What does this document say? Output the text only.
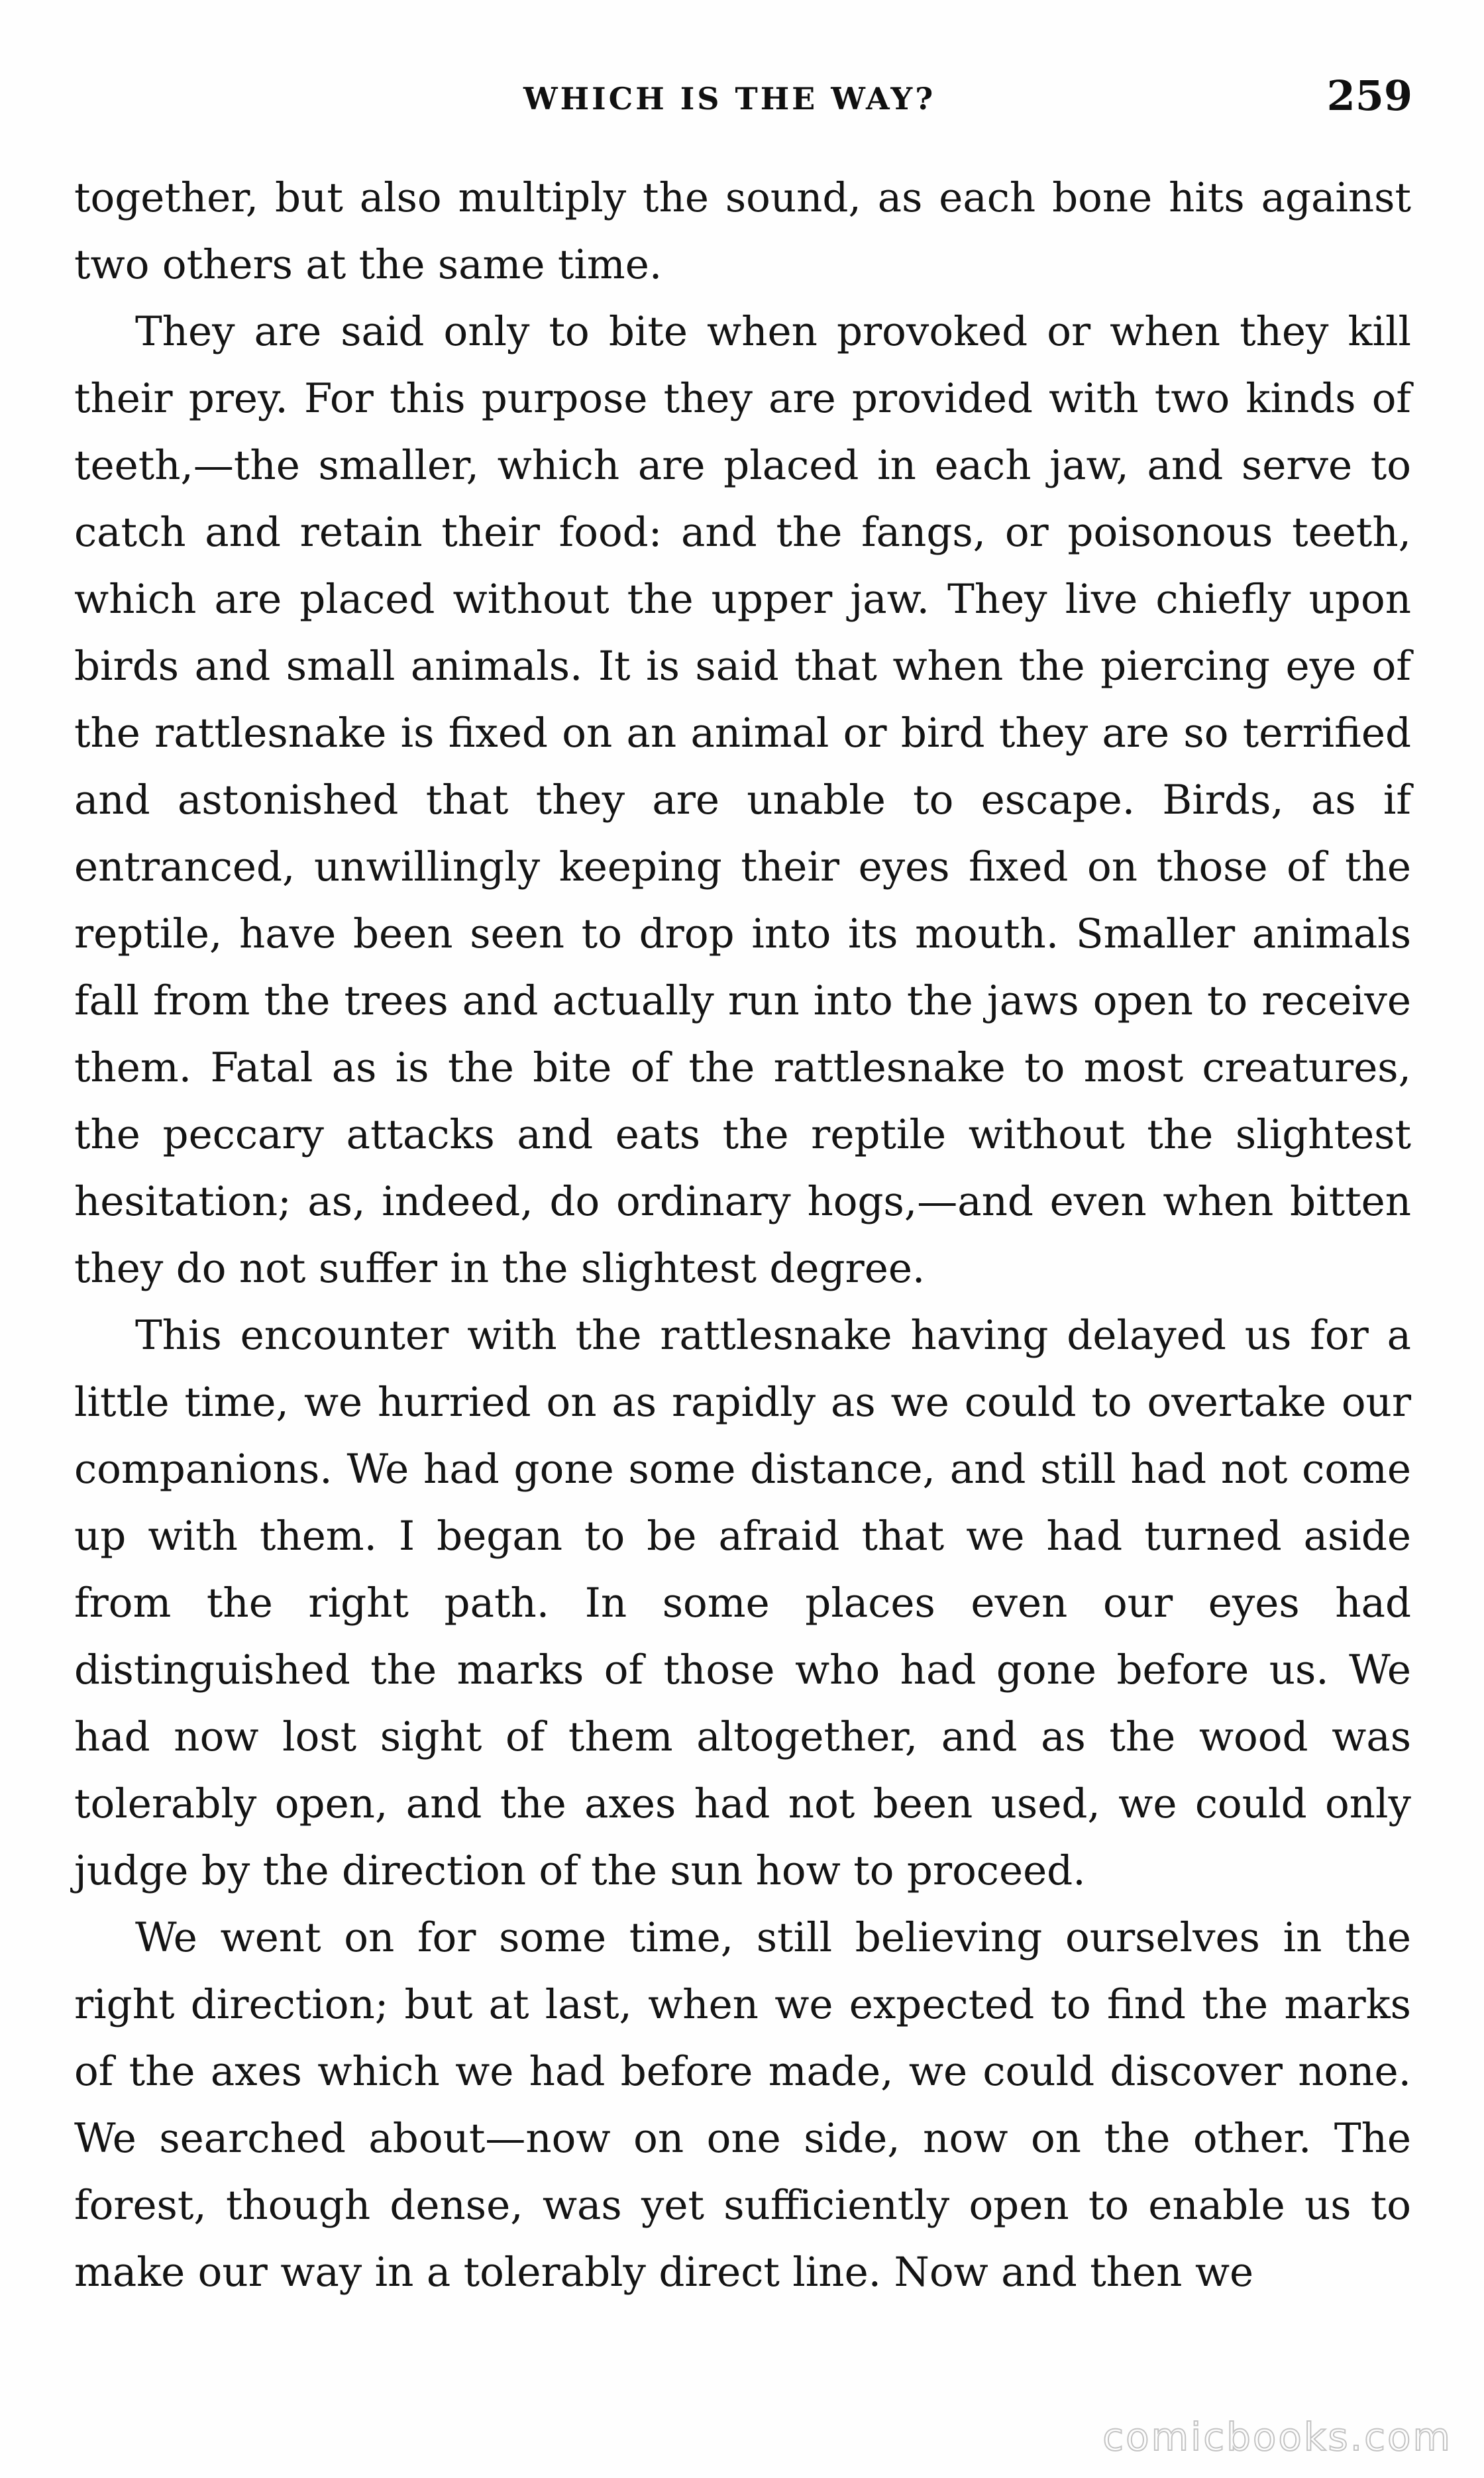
WHICH IS THE WAY?	259

together, but also multiply the sound, as each bone hits against two others at the same time.

They are said only to bite when provoked or when they kill their prey. For this purpose they are provided with two kinds of teeth,—the smaller, which are placed in each jaw, and serve to catch and retain their food: and the fangs, or poisonous teeth, which are placed without the upper jaw. They live chiefly upon birds and small animals. It is said that when the piercing eye of the rattlesnake is fixed on an animal or bird they are so terrified and astonished that they are unable to escape. Birds, as if entranced, unwillingly keeping their eyes fixed on those of the reptile, have been seen to drop into its mouth. Smaller animals fall from the trees and actually run into the jaws open to receive them. Fatal as is the bite of the rattlesnake to most creatures, the peccary attacks and eats the reptile without the slightest hesitation; as, indeed, do ordinary hogs,—and even when bitten they do not suffer in the slightest degree.

This encounter with the rattlesnake having delayed us for a little time, we hurried on as rapidly as we could to overtake our companions. We had gone some distance, and still had not come up with them. I began to be afraid that we had turned aside from the right path. In some places even our eyes had distinguished the marks of those who had gone before us. We had now lost sight of them altogether, and as the wood was tolerably open, and the axes had not been used, we could only judge by the direction of the sun how to proceed.

We went on for some time, still believing ourselves in the right direction; but at last, when we expected to find the marks of the axes which we had before made, we could discover none. We searched about—now on one side, now on the other. The forest, though dense, was yet sufficiently open to enable us to make our way in a tolerably direct line. Now and then we

comicbooks.com
